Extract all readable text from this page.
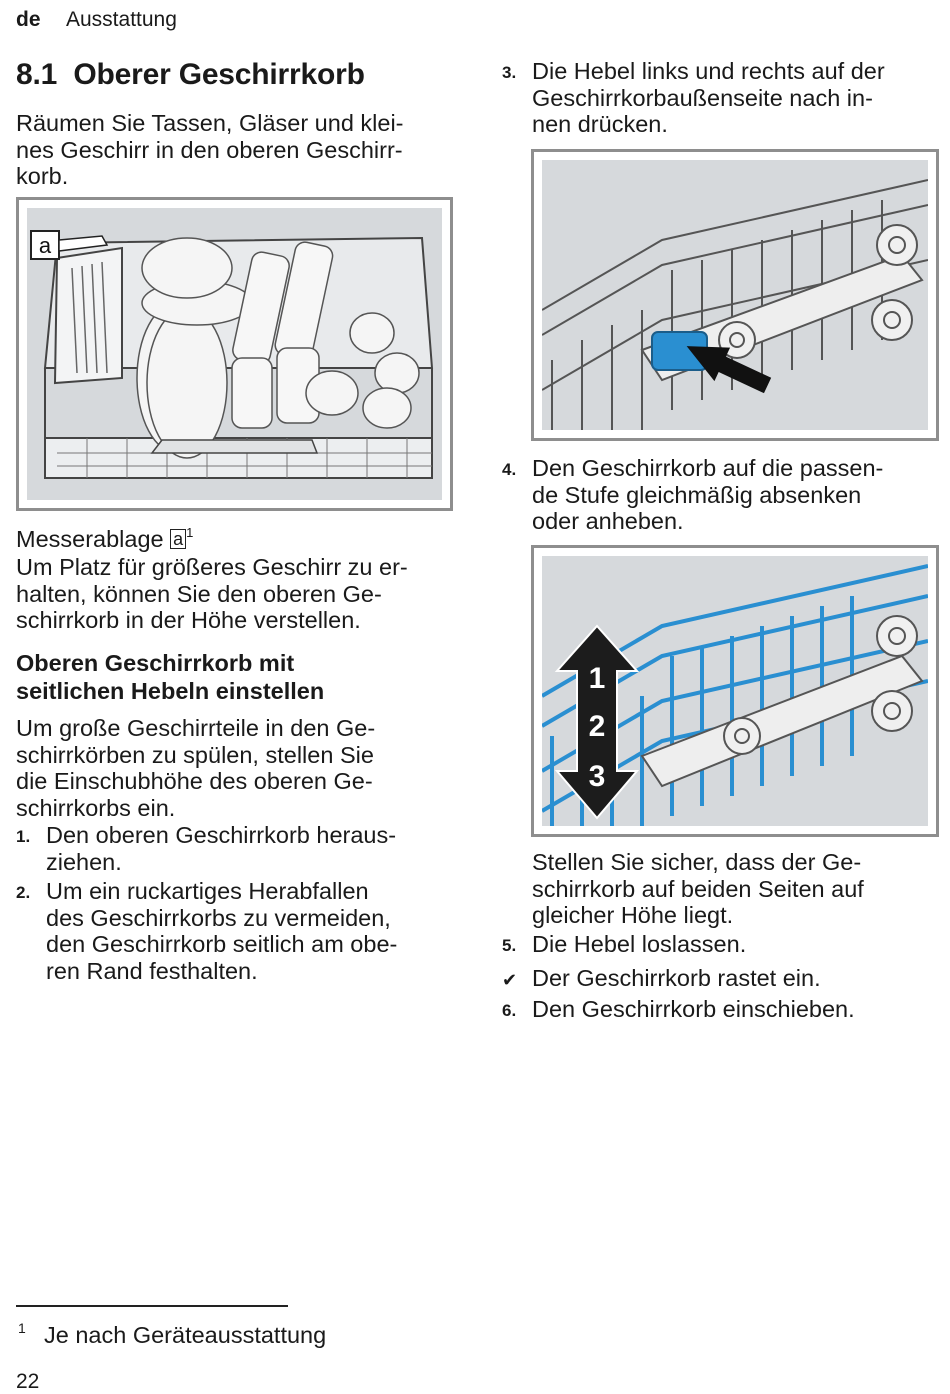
de Ausstattung
8.1  Oberer Geschirrkorb
Räumen Sie Tassen, Gläser und klei-
nes Geschirr in den oberen Geschirr-
korb.
a
Messerablage a $^1$
Um Platz für größeres Geschirr zu er-
halten, können Sie den oberen Ge-
schirrkorb in der Höhe verstellen.
Oberen Geschirrkorb mit
seitlichen Hebeln einstellen
Um große Geschirrteile in den Ge-
schirrkörben zu spülen, stellen Sie
die Einschubhöhe des oberen Ge-
schirrkorbs ein.
1. Den oberen Geschirrkorb heraus-
ziehen.
2. Um ein ruckartiges Herabfallen
des Geschirrkorbs zu vermeiden,
den Geschirrkorb seitlich am obe-
ren Rand festhalten.
3. Die Hebel links und rechts auf der
Geschirrkorbaußenseite nach in-
nen drücken.
4. Den Geschirrkorb auf die passen-
de Stufe gleichmäßig absenken
oder anheben.
1
2
3
Stellen Sie sicher, dass der Ge-
schirrkorb auf beiden Seiten auf
gleicher Höhe liegt.
5. Die Hebel loslassen.
✔ Der Geschirrkorb rastet ein.
6. Den Geschirrkorb einschieben.
1 Je nach Geräteausstattung
22
